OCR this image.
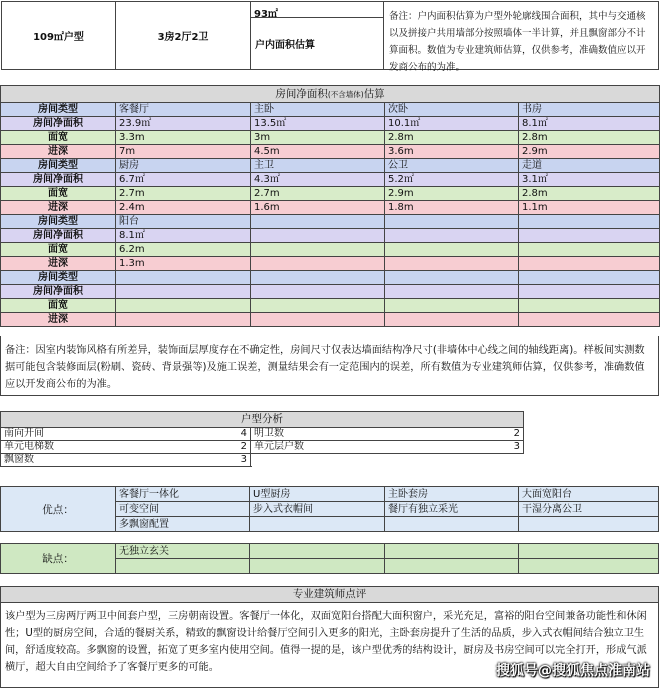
109㎡户型	3房2厅2卫
93㎡
户内面积估算
备注：户内面积估算为户型外轮廓线围合面积，其中与交通核以及拼接户共用墙部分按照墙体一半计算，并且飘窗部分不计算面积。数值为专业建筑师估算，仅供参考，准确数值应以开发商公布的为准。
房间净面积(不含墙体)估算				
房间类型	客餐厅	主卧	次卧	书房
房间净面积	23.9㎡	13.5㎡	10.1㎡	8.1㎡
面宽	3.3m	3m	2.8m	2.8m
进深	7m	4.5m	3.6m	2.9m
房间类型	厨房	主卫	公卫	走道
房间净面积	6.7㎡	4.3㎡	5.2㎡	3.1㎡
面宽	2.7m	2.7m	2.9m	2.8m
进深	2.4m	1.6m	1.8m	1.1m
房间类型	阳台			
房间净面积	8.1㎡			
面宽	6.2m			
进深	1.3m			
房间类型				
房间净面积				
面宽				
进深				
备注：因室内装饰风格有所差异，装饰面层厚度存在不确定性，房间尺寸仅表达墙面结构净尺寸(非墙体中心线之间的轴线距离)。样板间实测数据可能包含装修面层(粉刷、瓷砖、背景强等)及施工误差，测量结果会有一定范围内的误差，所有数值为专业建筑师估算，仅供参考，准确数值应以开发商公布的为准。
户型分析	
南向开间 4	明卫数 2

单元电梯数 2	单元层户数 3

飘窗数 3	

优点：
客餐厅一体化	U型厨房	主卧套房	大面宽阳台
可变空间	步入式衣帽间	餐厅有独立采光	干湿分离公卫
多飘窗配置
缺点：
无独立玄关
专业建筑师点评
该户型为三房两厅两卫中间套户型，三房朝南设置。客餐厅一体化，双面宽阳台搭配大面积窗户，采光充足，富裕的阳台空间兼备功能性和休闲性；U型的厨房空间，合适的餐厨关系，精致的飘窗设计给餐厅空间引入更多的阳光，主卧套房提升了生活的品质，步入式衣帽间结合独立卫生间，舒适度较高。多飘窗的设置，拓宽了更多室内使用空间。值得一提的是，该户型优秀的结构设计，厨房及书房空间可以完全打开，形成气派横厅，超大自由空间给予了客餐厅更多的可能。	搜狐号@搜狐焦点淮南站
